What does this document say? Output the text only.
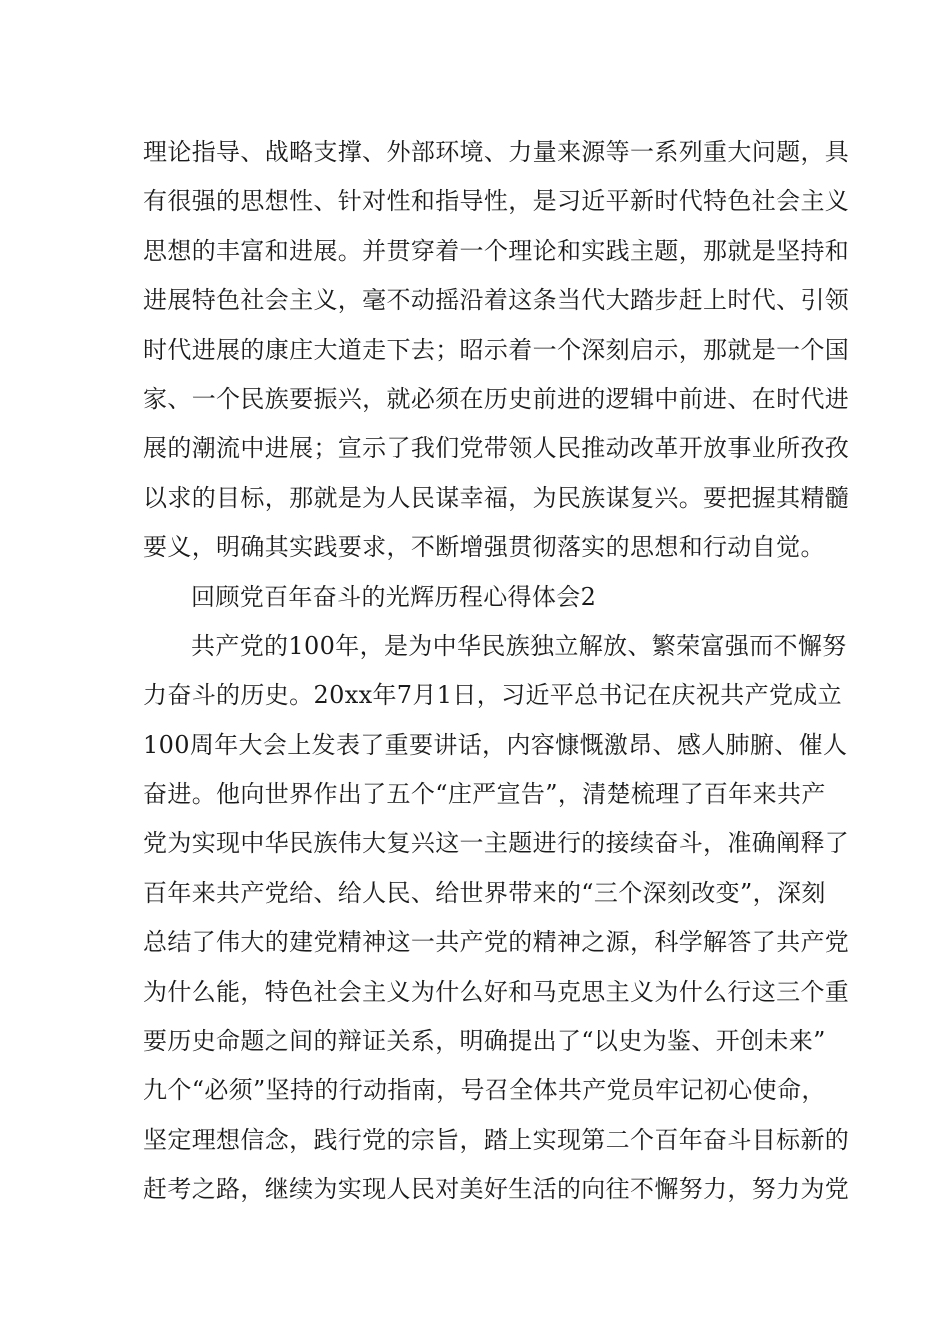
理论指导、战略支撑、外部环境、力量来源等一系列重大问题，具
有很强的思想性、针对性和指导性，是习近平新时代特色社会主义
思想的丰富和进展。并贯穿着一个理论和实践主题，那就是坚持和
进展特色社会主义，毫不动摇沿着这条当代大踏步赶上时代、引领
时代进展的康庄大道走下去；昭示着一个深刻启示，那就是一个国
家、一个民族要振兴，就必须在历史前进的逻辑中前进、在时代进
展的潮流中进展；宣示了我们党带领人民推动改革开放事业所孜孜
以求的目标，那就是为人民谋幸福，为民族谋复兴。要把握其精髓
要义，明确其实践要求，不断增强贯彻落实的思想和行动自觉。
回顾党百年奋斗的光辉历程心得体会2
共产党的100年，是为中华民族独立解放、繁荣富强而不懈努
力奋斗的历史。20xx年7月1日，习近平总书记在庆祝共产党成立
100周年大会上发表了重要讲话，内容慷慨激昂、感人肺腑、催人
奋进。他向世界作出了五个“庄严宣告”，清楚梳理了百年来共产
党为实现中华民族伟大复兴这一主题进行的接续奋斗，准确阐释了
百年来共产党给、给人民、给世界带来的“三个深刻改变”，深刻
总结了伟大的建党精神这一共产党的精神之源，科学解答了共产党
为什么能，特色社会主义为什么好和马克思主义为什么行这三个重
要历史命题之间的辩证关系，明确提出了“以史为鉴、开创未来”
九个“必须”坚持的行动指南，号召全体共产党员牢记初心使命，
坚定理想信念，践行党的宗旨，踏上实现第二个百年奋斗目标新的
赶考之路，继续为实现人民对美好生活的向往不懈努力，努力为党
